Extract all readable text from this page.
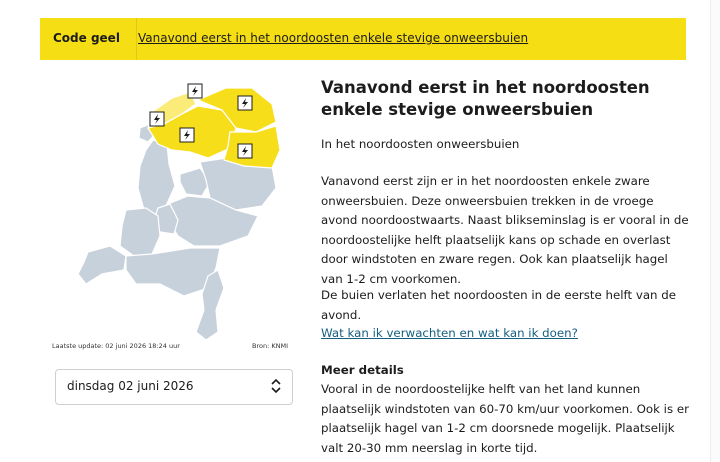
Code geel Vanavond eerst in het noordoosten enkele stevige onweersbuien
Laatste update: 02 juni 2026 18:24 uur	Bron: KNMI
dinsdag 02 juni 2026
Vanavond eerst in het noordoosten enkele stevige onweersbuien
In het noordoosten onweersbuien
Vanavond eerst zijn er in het noordoosten enkele zware onweersbuien. Deze onweersbuien trekken in de vroege avond noordoostwaarts. Naast blikseminslag is er vooral in de noordoostelijke helft plaatselijk kans op schade en overlast door windstoten en zware regen. Ook kan plaatselijk hagel van 1-2 cm voorkomen.
De buien verlaten het noordoosten in de eerste helft van de avond.
Wat kan ik verwachten en wat kan ik doen?
Meer details
Vooral in de noordoostelijke helft van het land kunnen plaatselijk windstoten van 60-70 km/uur voorkomen. Ook is er plaatselijk hagel van 1-2 cm doorsnede mogelijk. Plaatselijk valt 20-30 mm neerslag in korte tijd.
